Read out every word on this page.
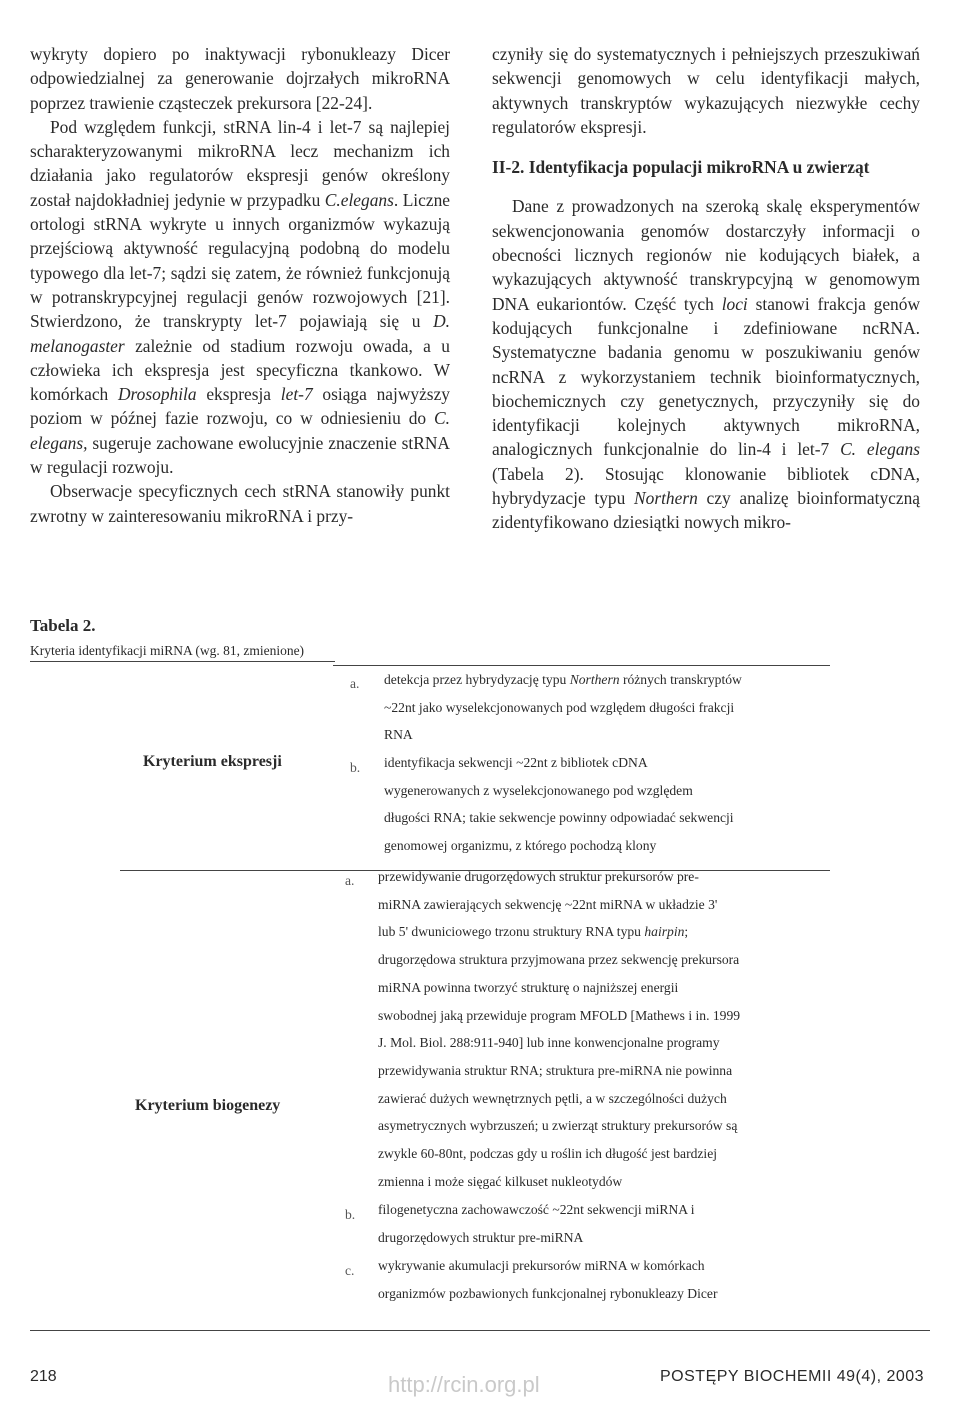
wykryty dopiero po inaktywacji rybonukleazy Dicer odpowiedzialnej za generowanie dojrzałych mikroRNA poprzez trawienie cząsteczek prekursora [22-24].

Pod względem funkcji, stRNA lin-4 i let-7 są najlepiej scharakteryzowanymi mikroRNA lecz mechanizm ich działania jako regulatorów ekspresji genów określony został najdokładniej jedynie w przypadku C.elegans. Liczne ortologi stRNA wykryte u innych organizmów wykazują przejściową aktywność regulacyjną podobną do modelu typowego dla let-7; sądzi się zatem, że również funkcjonują w potranskrypcyjnej regulacji genów rozwojowych [21]. Stwierdzono, że transkrypty let-7 pojawiają się u D. melanogaster zależnie od stadium rozwoju owada, a u człowieka ich ekspresja jest specyficzna tkankowo. W komórkach Drosophila ekspresja let-7 osiąga najwyższy poziom w późnej fazie rozwoju, co w odniesieniu do C. elegans, sugeruje zachowane ewolucyjnie znaczenie stRNA w regulacji rozwoju.

Obserwacje specyficznych cech stRNA stanowiły punkt zwrotny w zainteresowaniu mikroRNA i przy-

czyniły się do systematycznych i pełniejszych przeszukiwań sekwencji genomowych w celu identyfikacji małych, aktywnych transkryptów wykazujących niezwykłe cechy regulatorów ekspresji.

II-2. Identyfikacja populacji mikroRNA u zwierząt

Dane z prowadzonych na szeroką skalę eksperymentów sekwencjonowania genomów dostarczyły informacji o obecności licznych regionów nie kodujących białek, a wykazujących aktywność transkrypcyjną w genomowym DNA eukariontów. Część tych loci stanowi frakcja genów kodujących funkcjonalne i zdefiniowane ncRNA. Systematyczne badania genomu w poszukiwaniu genów ncRNA z wykorzystaniem technik bioinformatycznych, biochemicznych czy genetycznych, przyczyniły się do identyfikacji kolejnych aktywnych mikroRNA, analogicznych funkcjonalnie do lin-4 i let-7 C. elegans (Tabela 2). Stosując klonowanie bibliotek cDNA, hybrydyzacje typu Northern czy analizę bioinformatyczną zidentyfikowano dziesiątki nowych mikro-

Tabela 2.
Kryteria identyfikacji miRNA (wg. 81, zmienione)
Kryterium ekspresji
a. detekcja przez hybrydyzację typu Northern różnych transkryptów
~22nt jako wyselekcjonowanych pod względem długości frakcji
RNA
b. identyfikacja sekwencji ~22nt z bibliotek cDNA
wygenerowanych z wyselekcjonowanego pod względem
długości RNA; takie sekwencje powinny odpowiadać sekwencji
genomowej organizmu, z którego pochodzą klony
Kryterium biogenezy
a. przewidywanie drugorzędowych struktur prekursorów pre-
miRNA zawierających sekwencję ~22nt miRNA w układzie 3'
lub 5' dwuniciowego trzonu struktury RNA typu hairpin;
drugorzędowa struktura przyjmowana przez sekwencję prekursora
miRNA powinna tworzyć strukturę o najniższej energii
swobodnej jaką przewiduje program MFOLD [Mathews i in. 1999
J. Mol. Biol. 288:911-940] lub inne konwencjonalne programy
przewidywania struktur RNA; struktura pre-miRNA nie powinna
zawierać dużych wewnętrznych pętli, a w szczególności dużych
asymetrycznych wybrzuszeń; u zwierząt struktury prekursorów są
zwykle 60-80nt, podczas gdy u roślin ich długość jest bardziej
zmienna i może sięgać kilkuset nukleotydów
b. filogenetyczna zachowawczość ~22nt sekwencji miRNA i
drugorzędowych struktur pre-miRNA
c. wykrywanie akumulacji prekursorów miRNA w komórkach
organizmów pozbawionych funkcjonalnej rybonukleazy Dicer
218	http://rcin.org.pl	POSTĘPY BIOCHEMII 49(4), 2003
